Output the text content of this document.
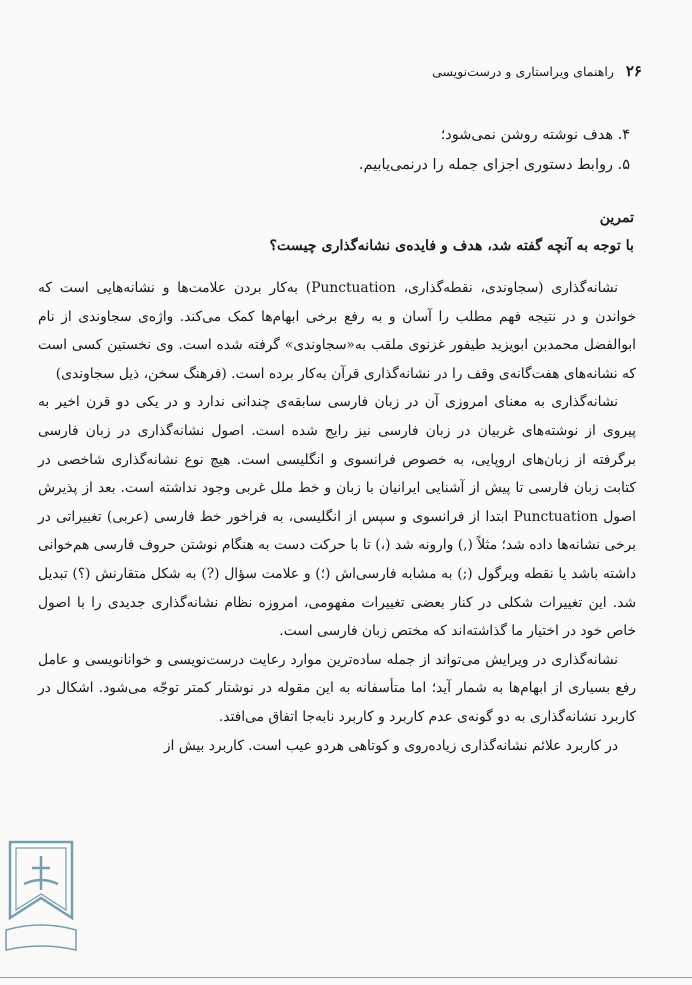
۲۶
راهنمای ویراستاری و درست‌نویسی
۴. هدف نوشته روشن نمی‌شود؛
۵. روابط دستوری اجزای جمله را درنمی‌یابیم.
تمرین
با توجه به آنچه گفته شد، هدف و فایده‌ی نشانه‌گذاری چیست؟

نشانه‌گذاری (سجاوندی، نقطه‌گذاری، Punctuation) به‌کار بردن علامت‌ها و نشانه‌هایی است که خواندن و در نتیجه فهم مطلب را آسان و به رفع برخی ابهام‌ها کمک می‌کند. واژه‌ی سجاوندی از نام ابوالفضل محمدبن ابویزید طیفور غزنوی ملقب به«سجاوندی» گرفته شده است. وی نخستین کسی است که نشانه‌های هفت‌گانه‌ی وقف را در نشانه‌گذاری قرآن به‌کار برده است. (فرهنگ سخن، ذیل سجاوندی)

نشانه‌گذاری به معنای امروزی آن در زبان فارسی سابقه‌ی چندانی ندارد و در یکی دو قرن اخیر به پیروی از نوشته‌های غربیان در زبان فارسی نیز رایج شده است. اصول نشانه‌گذاری در زبان فارسی برگرفته از زبان‌های اروپایی، به خصوص فرانسوی و انگلیسی است. هیچ نوع نشانه‌گذاری شاخصی در کتابت زبان فارسی تا پیش از آشنایی ایرانیان با زبان و خط ملل غربی وجود نداشته است. بعد از پذیرش اصول Punctuation ابتدا از فرانسوی و سپس از انگلیسی، به فراخور خط فارسی (عربی) تغییراتی در برخی نشانه‌ها داده شد؛ مثلاً (,) وارونه شد (،) تا با حرکت دست به هنگام نوشتن حروف فارسی هم‌خوانی داشته باشد یا نقطه ویرگول (;) به مشابه فارسی‌اش (؛) و علامت سؤال (?) به شکل متقارنش (؟) تبدیل شد. این تغییرات شکلی در کنار بعضی تغییرات مفهومی، امروزه نظام نشانه‌گذاری جدیدی را با اصول خاص خود در اختیار ما گذاشته‌اند که مختص زبان فارسی است.

نشانه‌گذاری در ویرایش می‌تواند از جمله ساده‌ترین موارد رعایت درست‌نویسی و خوانانویسی و عامل رفع بسیاری از ابهام‌ها به شمار آید؛ اما متأسفانه به این مقوله در نوشتار کمتر توجّه می‌شود. اشکال در کاربرد نشانه‌گذاری به دو گونه‌ی عدم کاربرد و کاربرد نابه‌جا اتفاق می‌افتد.

در کاربرد علائم نشانه‌گذاری زیاده‌روی و کوتاهی هردو عیب است. کاربرد بیش از
